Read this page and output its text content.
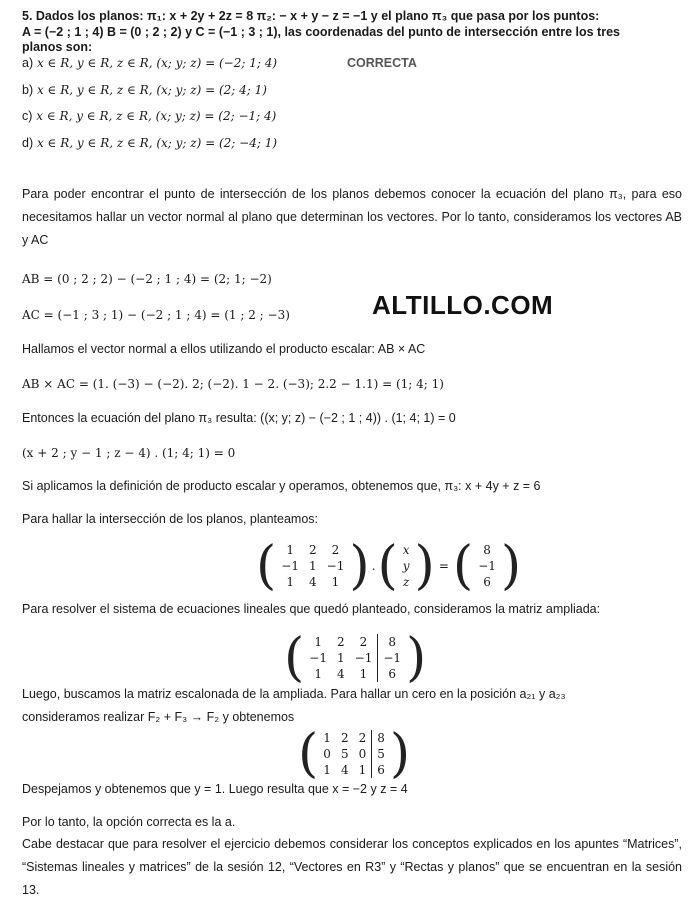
5. Dados los planos: π₁: x + 2y + 2z = 8 π₂: − x + y − z = −1 y el plano π₃ que pasa por los puntos:
A = (−2 ; 1 ; 4) B = (0 ; 2 ; 2) y C = (−1 ; 3 ; 1), las coordenadas del punto de intersección entre los tres
planos son:
a) x ∈ R, y ∈ R, z ∈ R, (x; y; z) = (−2; 1; 4)	CORRECTA
b) x ∈ R, y ∈ R, z ∈ R, (x; y; z) = (2; 4; 1)
c) x ∈ R, y ∈ R, z ∈ R, (x; y; z) = (2; −1; 4)
d) x ∈ R, y ∈ R, z ∈ R, (x; y; z) = (2; −4; 1)
Para poder encontrar el punto de intersección de los planos debemos conocer la ecuación del plano π₃, para eso necesitamos hallar un vector normal al plano que determinan los vectores. Por lo tanto, consideramos los vectores AB y AC
AB = (0 ; 2 ; 2) − (−2 ; 1 ; 4) = (2; 1; −2)
AC = (−1 ; 3 ; 1) − (−2 ; 1 ; 4) = (1 ; 2 ; −3)	ALTILLO.COM
Hallamos el vector normal a ellos utilizando el producto escalar: AB × AC
AB × AC = (1. (−3) − (−2). 2; (−2). 1 − 2. (−3); 2.2 − 1.1) = (1; 4; 1)
Entonces la ecuación del plano π₃ resulta: ((x; y; z) − (−2 ; 1 ; 4)) . (1; 4; 1) = 0
(x + 2 ; y − 1 ; z − 4) . (1; 4; 1) = 0
Si aplicamos la definición de producto escalar y operamos, obtenemos que, π₃: x + 4y + z = 6
Para hallar la intersección de los planos, planteamos:
( 1	2	2
−1	1	−1
1	4	1 ) . ( x
y
z ) = ( 8
−1
6 )
Para resolver el sistema de ecuaciones lineales que quedó planteado, consideramos la matriz ampliada:
( 1	2	2	8
−1	1	−1	−1
1	4	1	6 )
Luego, buscamos la matriz escalonada de la ampliada. Para hallar un cero en la posición a₂₁ y a₂₃
consideramos realizar F₂ + F₃ → F₂ y obtenemos
( 1	2	2	8
0	5	0	5
1	4	1	6 )
Despejamos y obtenemos que y = 1. Luego resulta que x = −2 y z = 4
Por lo tanto, la opción correcta es la a.
Cabe destacar que para resolver el ejercicio debemos considerar los conceptos explicados en los apuntes “Matrices”, “Sistemas lineales y matrices” de la sesión 12, “Vectores en R3” y “Rectas y planos” que se encuentran en la sesión 13.
